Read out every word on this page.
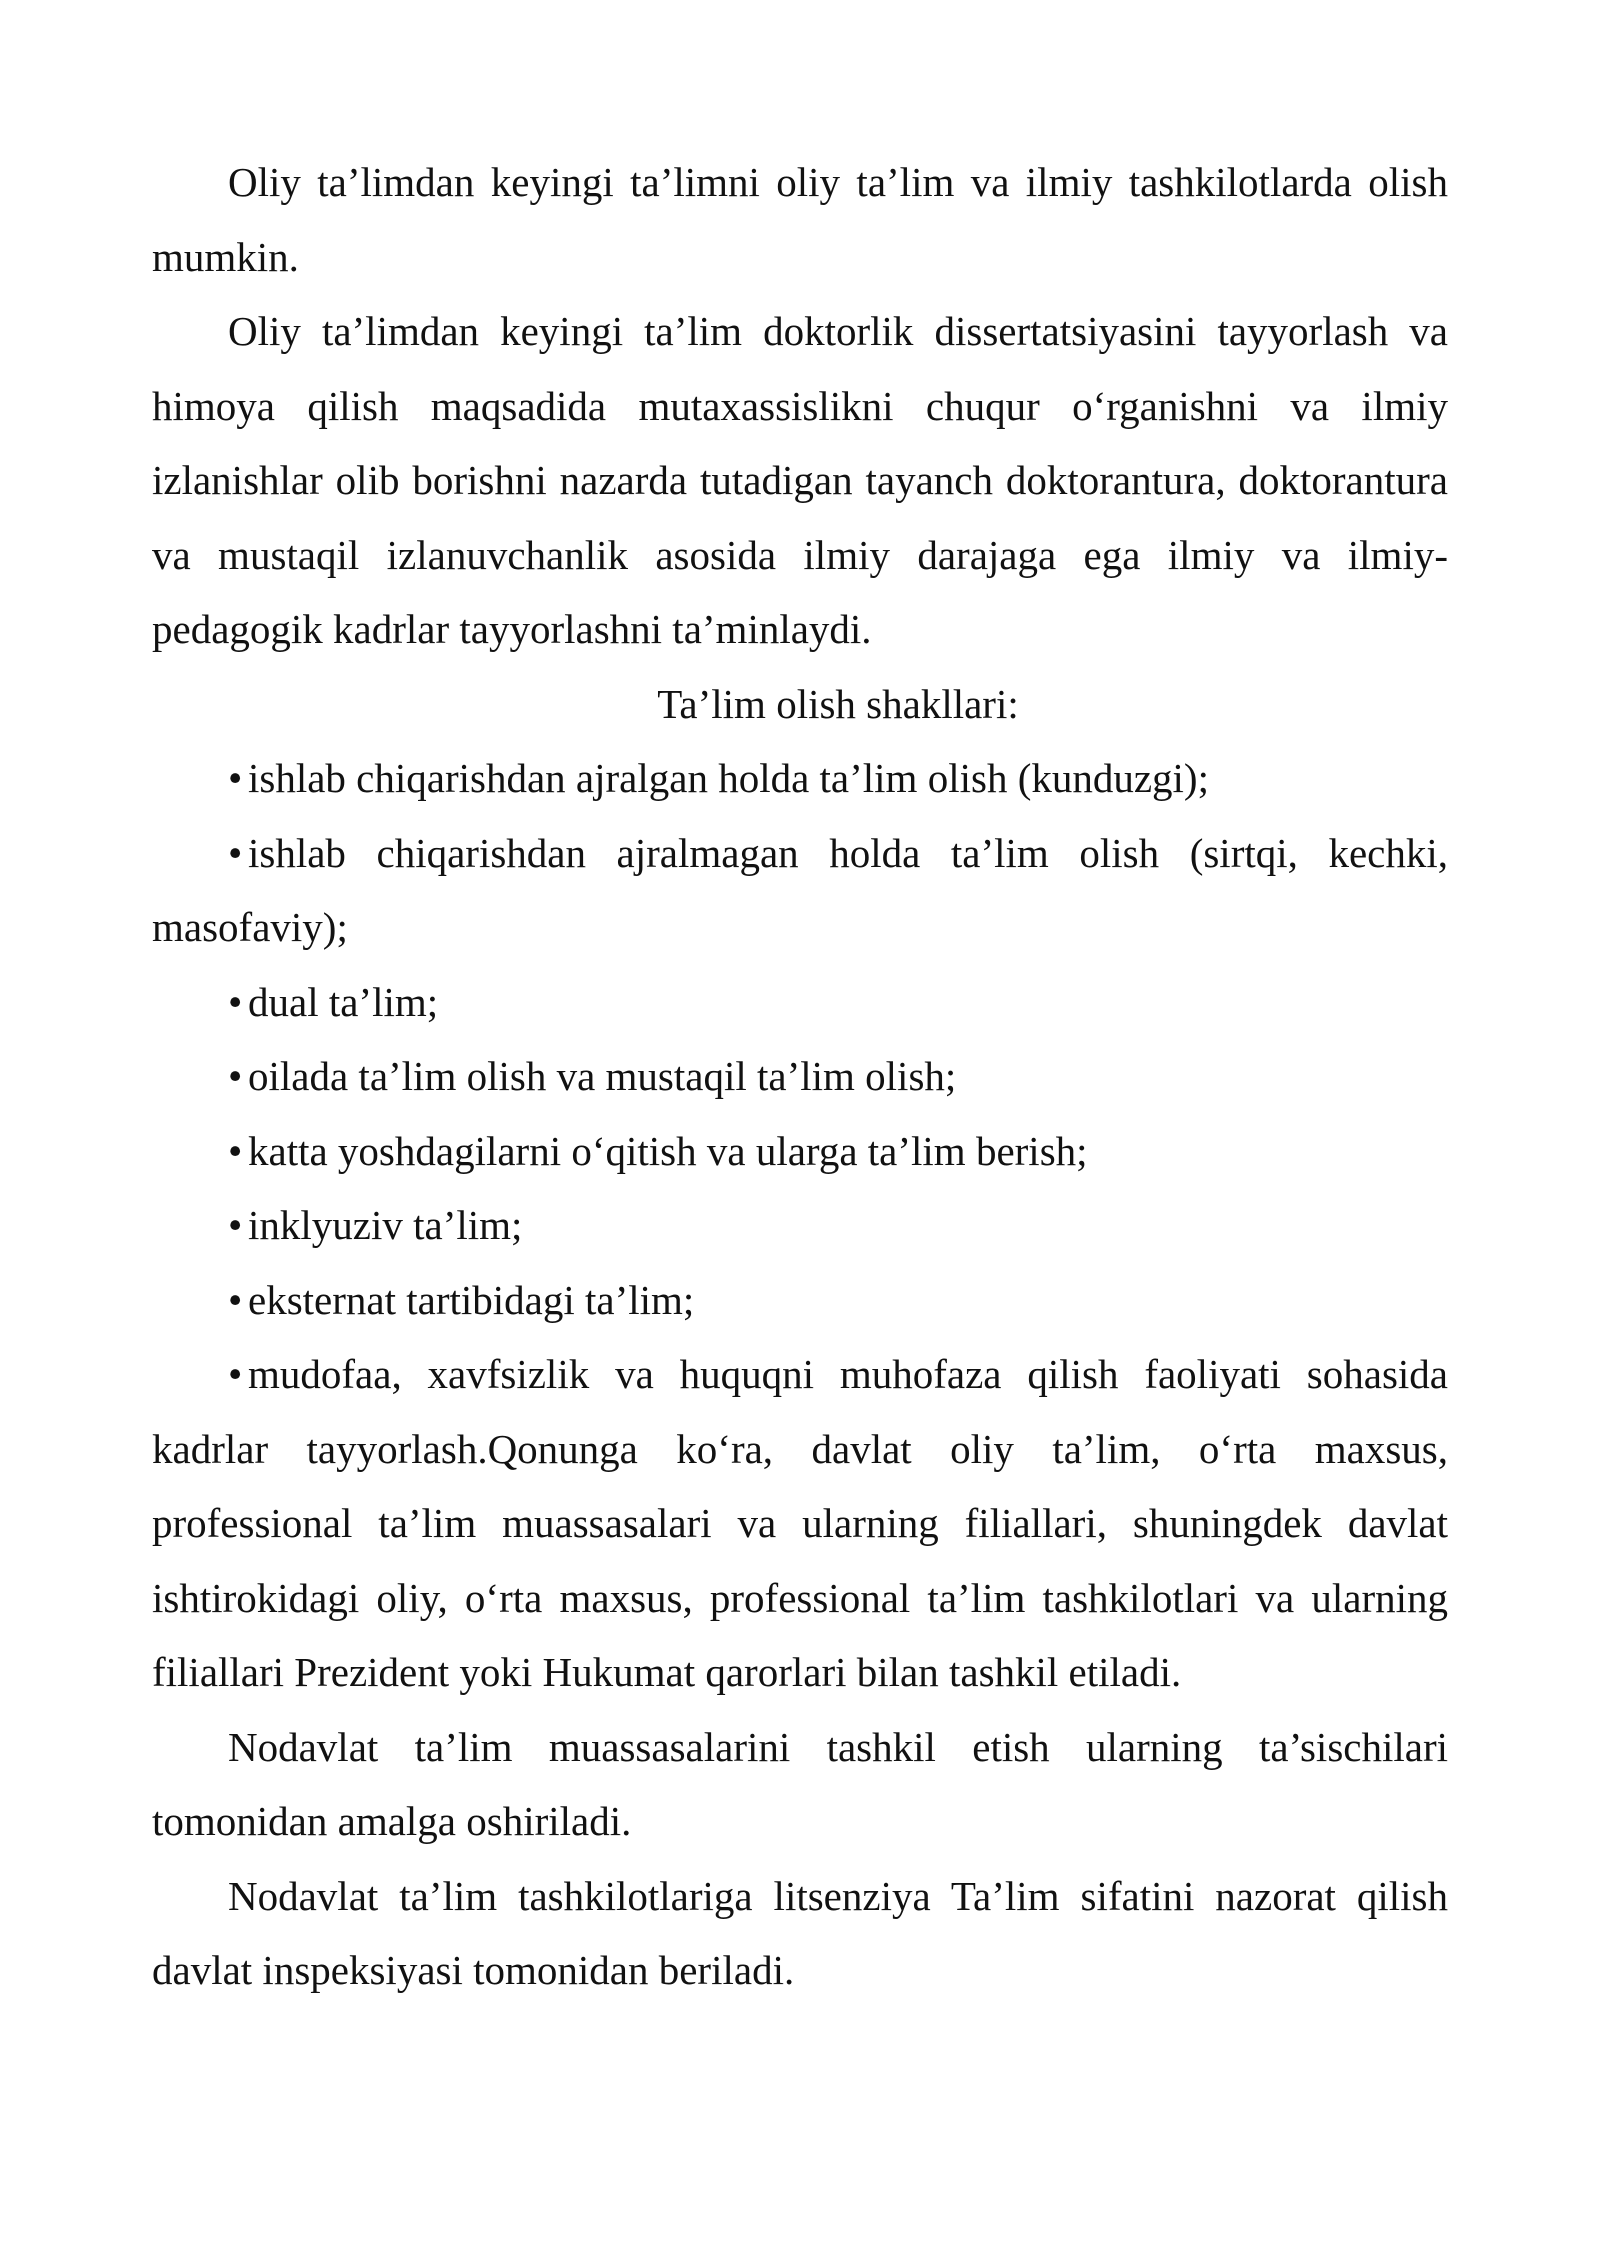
Oliy ta’limdan keyingi ta’limni oliy ta’lim va ilmiy tashkilotlarda olish mumkin.

Oliy ta’limdan keyingi ta’lim doktorlik dissertatsiyasini tayyorlash va himoya qilish maqsadida mutaxassislikni chuqur o‘rganishni va ilmiy izlanishlar olib borishni nazarda tutadigan tayanch doktorantura, doktorantura va mustaqil izlanuvchanlik asosida ilmiy darajaga ega ilmiy va ilmiy-pedagogik kadrlar tayyorlashni ta’minlaydi.

Ta’lim olish shakllari:

• ishlab chiqarishdan ajralgan holda ta’lim olish (kunduzgi);

• ishlab chiqarishdan ajralmagan holda ta’lim olish (sirtqi, kechki, masofaviy);

• dual ta’lim;

• oilada ta’lim olish va mustaqil ta’lim olish;

• katta yoshdagilarni o‘qitish va ularga ta’lim berish;

• inklyuziv ta’lim;

• eksternat tartibidagi ta’lim;

• mudofaa, xavfsizlik va huquqni muhofaza qilish faoliyati sohasida kadrlar tayyorlash.Qonunga ko‘ra, davlat oliy ta’lim, o‘rta maxsus, professional ta’lim muassasalari va ularning filiallari, shuningdek davlat ishtirokidagi oliy, o‘rta maxsus, professional ta’lim tashkilotlari va ularning filiallari Prezident yoki Hukumat qarorlari bilan tashkil etiladi.

Nodavlat ta’lim muassasalarini tashkil etish ularning ta’sischilari tomonidan amalga oshiriladi.

Nodavlat ta’lim tashkilotlariga litsenziya Ta’lim sifatini nazorat qilish davlat inspeksiyasi tomonidan beriladi.
